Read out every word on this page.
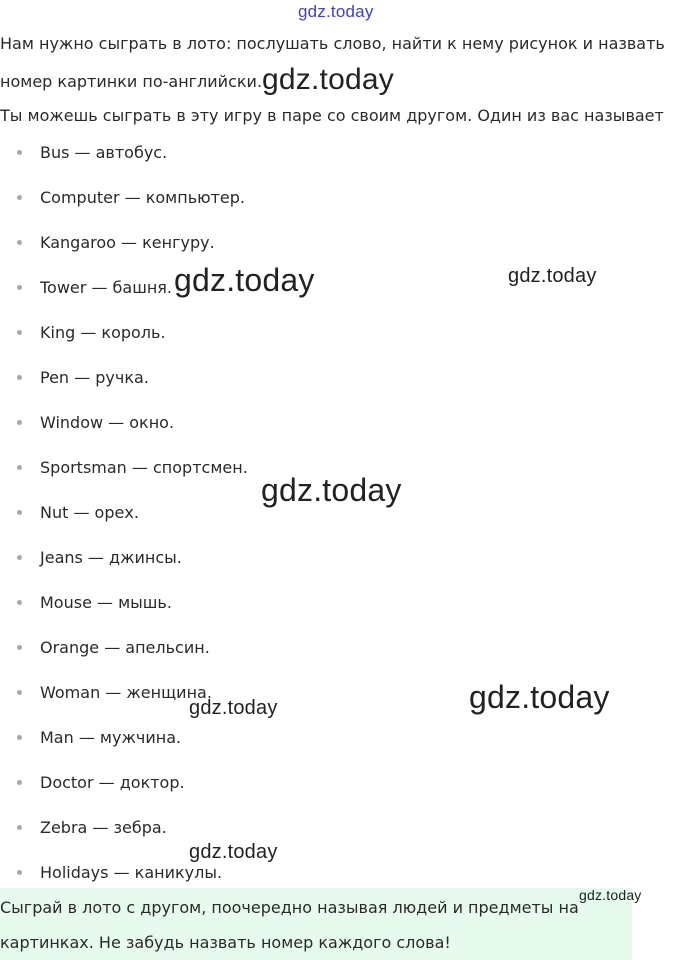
gdz.today
Нам нужно сыграть в лото: послушать слово, найти к нему рисунок и назвать
номер картинки по-английски.gdz.today
Ты можешь сыграть в эту игру в паре со своим другом. Один из вас называет
Bus — автобус.
Computer — компьютер.
Kangaroo — кенгуру.
Tower — башня.
King — король.
Pen — ручка.
Window — окно.
Sportsman — спортсмен.
Nut — орех.
Jeans — джинсы.
Mouse — мышь.
Orange — апельсин.
Woman — женщина.
Man — мужчина.
Doctor — доктор.
Zebra — зебра.
Holidays — каникулы.
gdz.today	gdz.today
gdz.today
gdz.today
gdz.today
gdz.today
Сыграй в лото с другом, поочередно называя людей и предметы на
картинках. Не забудь назвать номер каждого слова!
gdz.today
